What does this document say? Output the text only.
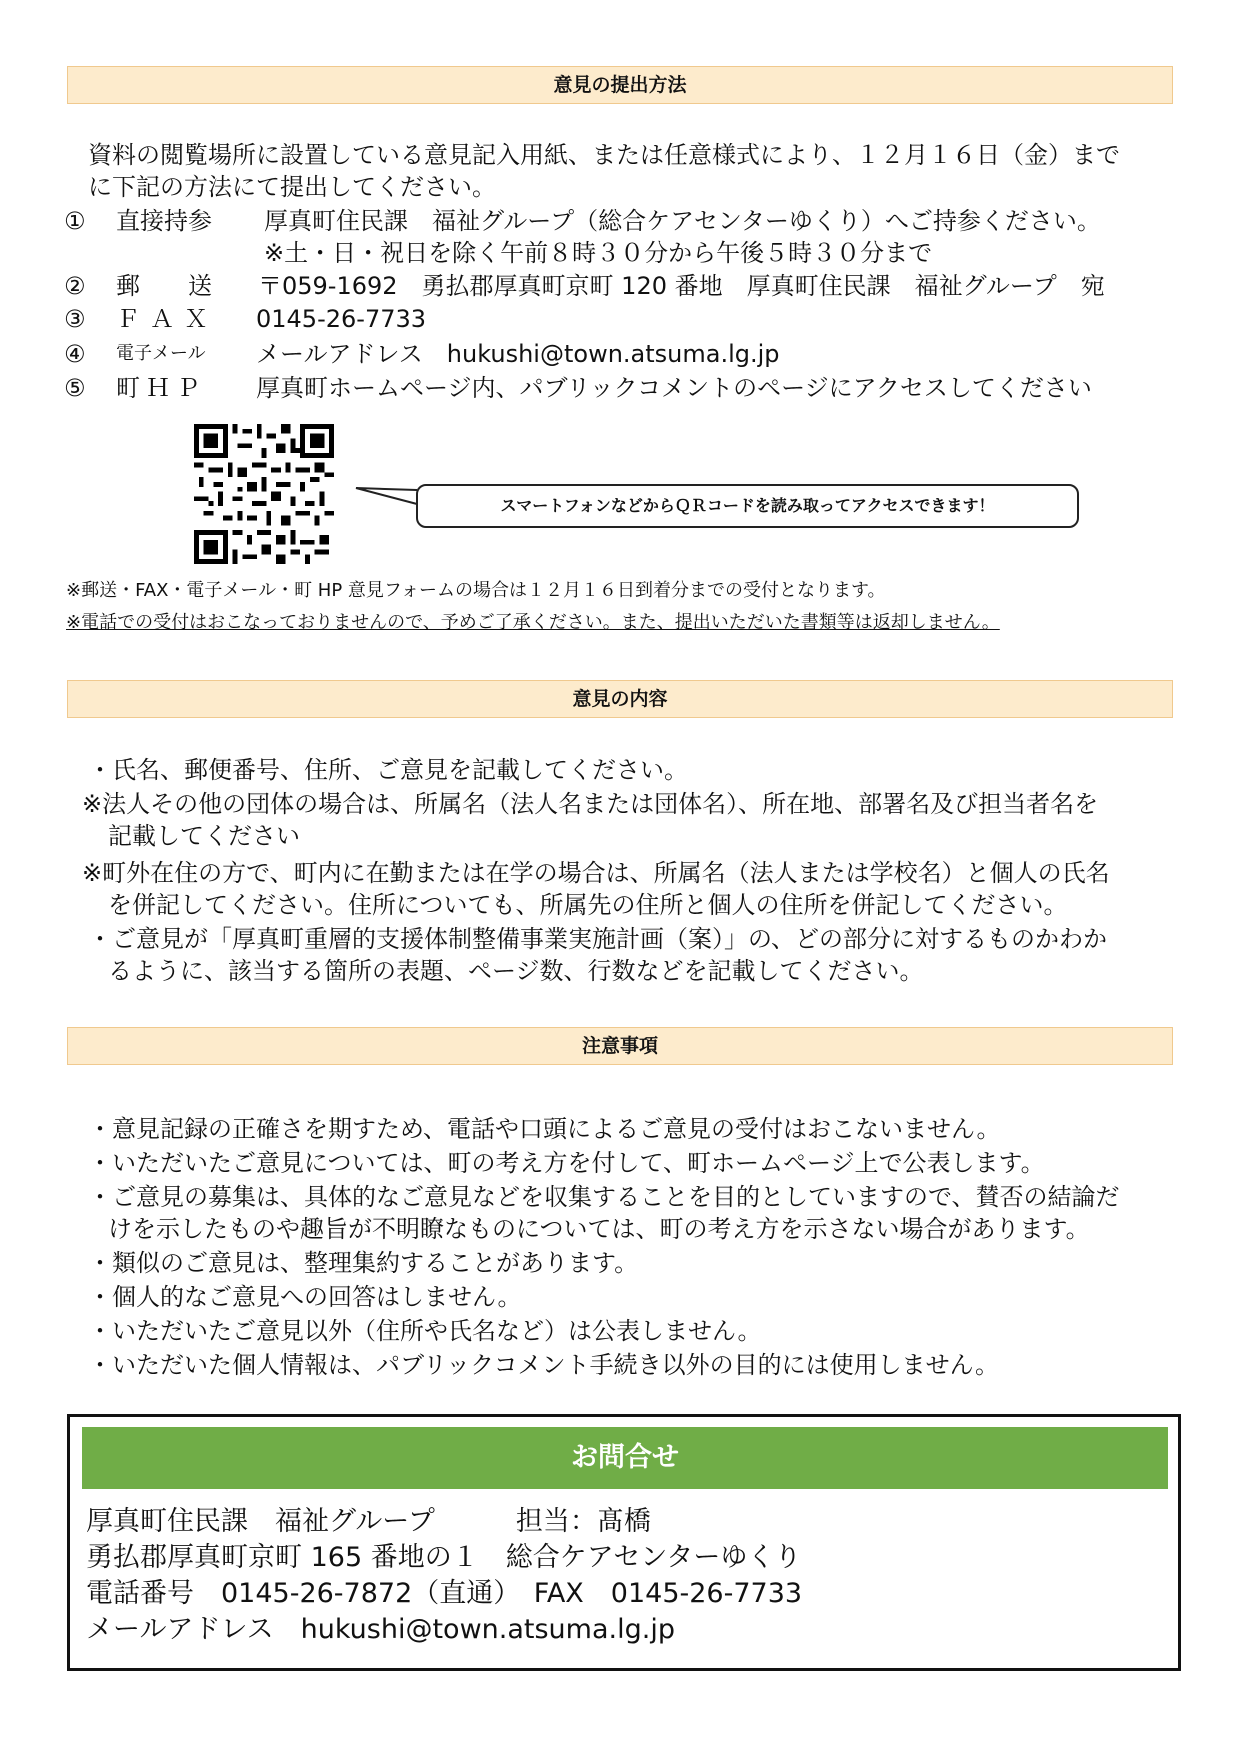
意見の提出方法
資料の閲覧場所に設置している意見記入用紙、または任意様式により、１２月１６日（金）まで
に下記の方法にて提出してください。
① 直接持参 厚真町住民課　福祉グループ（総合ケアセンターゆくり）へご持参ください。
※土・日・祝日を除く午前８時３０分から午後５時３０分まで
② 郵　　送 〒059-1692　勇払郡厚真町京町 120 番地　厚真町住民課　福祉グループ　宛
③ ＦＡＸ 0145-26-7733
④ 電子メール メールアドレス　hukushi@town.atsuma.lg.jp
⑤ 町ＨＰ 厚真町ホームページ内、パブリックコメントのページにアクセスしてください
スマートフォンなどからＱＲコードを読み取ってアクセスできます！
※郵送・FAX・電子メール・町 HP 意見フォームの場合は１２月１６日到着分までの受付となります。
※電話での受付はおこなっておりませんので、予めご了承ください。また、提出いただいた書類等は返却しません。
意見の内容
・氏名、郵便番号、住所、ご意見を記載してください。
※法人その他の団体の場合は、所属名（法人名または団体名）、所在地、部署名及び担当者名を
記載してください
※町外在住の方で、町内に在勤または在学の場合は、所属名（法人または学校名）と個人の氏名
を併記してください。住所についても、所属先の住所と個人の住所を併記してください。
・ご意見が「厚真町重層的支援体制整備事業実施計画（案）」の、どの部分に対するものかわか
るように、該当する箇所の表題、ページ数、行数などを記載してください。
注意事項
・意見記録の正確さを期すため、電話や口頭によるご意見の受付はおこないません。
・いただいたご意見については、町の考え方を付して、町ホームページ上で公表します。
・ご意見の募集は、具体的なご意見などを収集することを目的としていますので、賛否の結論だ
けを示したものや趣旨が不明瞭なものについては、町の考え方を示さない場合があります。
・類似のご意見は、整理集約することがあります。
・個人的なご意見への回答はしません。
・いただいたご意見以外（住所や氏名など）は公表しません。
・いただいた個人情報は、パブリックコメント手続き以外の目的には使用しません。
お問合せ
厚真町住民課　福祉グループ　　　担当：髙橋
勇払郡厚真町京町 165 番地の１　総合ケアセンターゆくり
電話番号　0145-26-7872（直通）　FAX　0145-26-7733
メールアドレス　hukushi@town.atsuma.lg.jp
